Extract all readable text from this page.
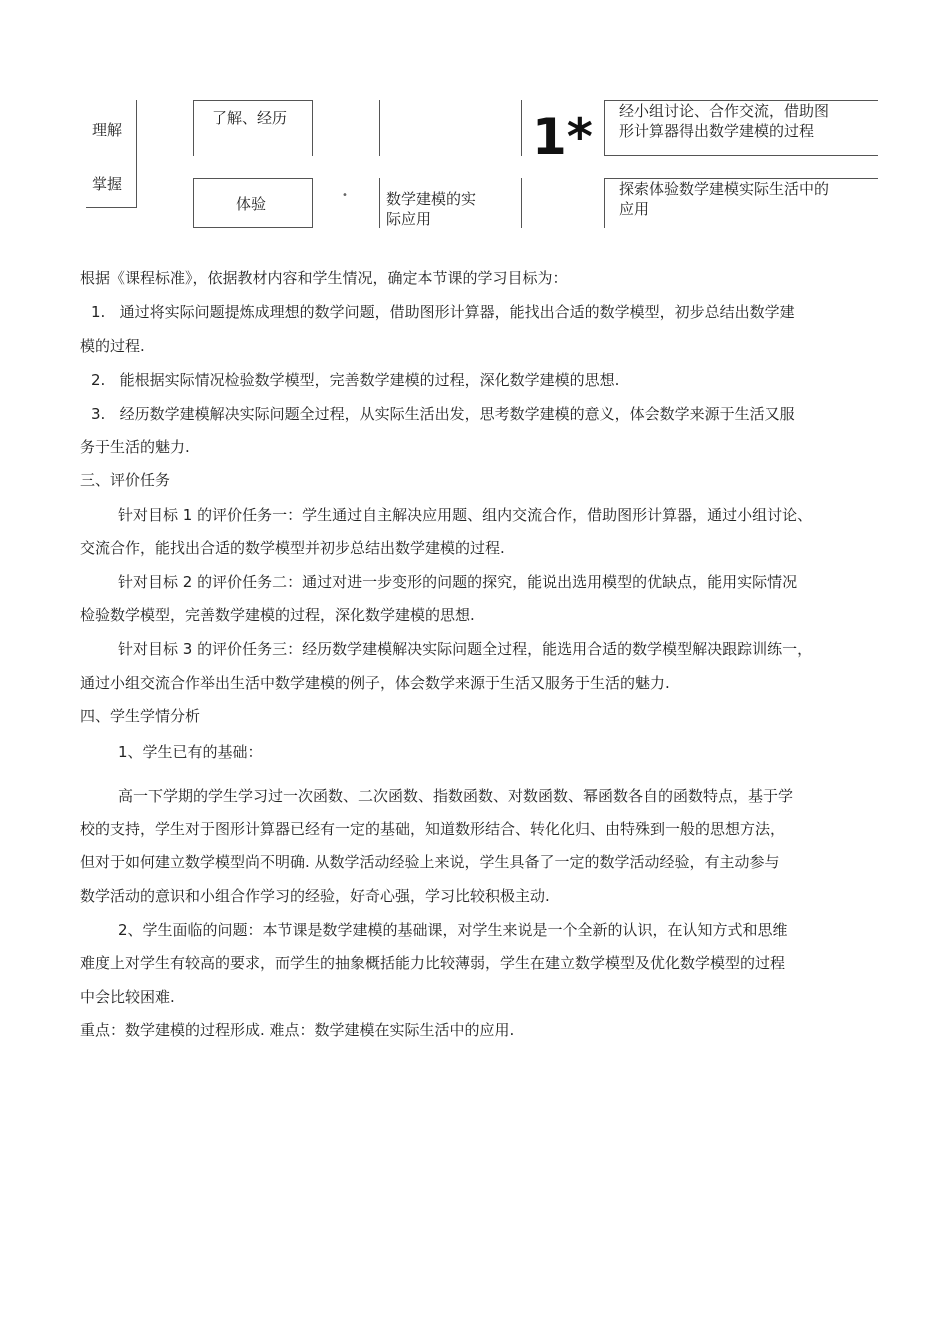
理解
掌握
了解、经历
体验	•	数学建模的实
际应用
1* 经小组讨论、合作交流，借助图
形计算器得出数学建模的过程
探索体验数学建模实际生活中的
应用
根据《课程标准》，依据教材内容和学生情况，确定本节课的学习目标为：
1. 通过将实际问题提炼成理想的数学问题，借助图形计算器，能找出合适的数学模型，初步总结出数学建
模的过程.
2. 能根据实际情况检验数学模型，完善数学建模的过程，深化数学建模的思想.
3. 经历数学建模解决实际问题全过程，从实际生活出发，思考数学建模的意义，体会数学来源于生活又服
务于生活的魅力.
三、评价任务
针对目标 1 的评价任务一：学生通过自主解决应用题、组内交流合作，借助图形计算器，通过小组讨论、
交流合作，能找出合适的数学模型并初步总结出数学建模的过程.
针对目标 2 的评价任务二：通过对进一步变形的问题的探究，能说出选用模型的优缺点，能用实际情况
检验数学模型，完善数学建模的过程，深化数学建模的思想.
针对目标 3 的评价任务三：经历数学建模解决实际问题全过程，能选用合适的数学模型解决跟踪训练一，
通过小组交流合作举出生活中数学建模的例子，体会数学来源于生活又服务于生活的魅力.
四、学生学情分析
1、学生已有的基础：
高一下学期的学生学习过一次函数、二次函数、指数函数、对数函数、幂函数各自的函数特点，基于学
校的支持，学生对于图形计算器已经有一定的基础，知道数形结合、转化化归、由特殊到一般的思想方法，
但对于如何建立数学模型尚不明确. 从数学活动经验上来说，学生具备了一定的数学活动经验，有主动参与
数学活动的意识和小组合作学习的经验，好奇心强，学习比较积极主动.
2、学生面临的问题：本节课是数学建模的基础课，对学生来说是一个全新的认识，在认知方式和思维
难度上对学生有较高的要求，而学生的抽象概括能力比较薄弱，学生在建立数学模型及优化数学模型的过程
中会比较困难.
重点：数学建模的过程形成. 难点：数学建模在实际生活中的应用.
